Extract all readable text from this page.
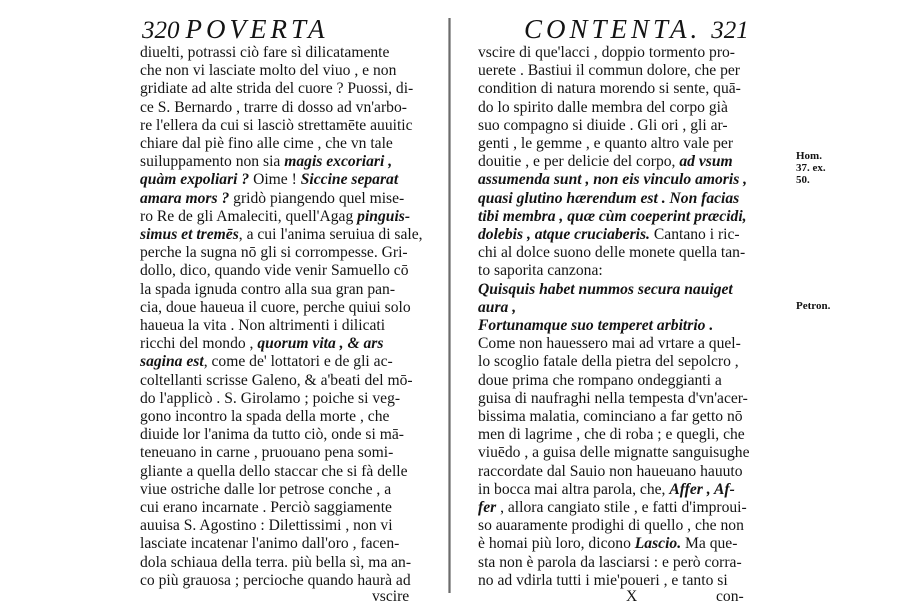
320 POVERTA
diuelti, potrassi ciò fare sì dilicatamente
che non vi lasciate molto del viuo , e non
gridiate ad alte strida del cuore ? Puossi, di-
ce S. Bernardo , trarre di dosso ad vn'arbo-
re l'ellera da cui si lasciò strettamēte auuitic
chiare dal piè fino alle cime , che vn tale
suiluppamento non sia magis excoriari ,
quàm expoliari ? Oime ! Siccine separat
amara mors ? gridò piangendo quel mise-
ro Re de gli Amaleciti, quell'Agag pinguis-
simus et tremēs, a cui l'anima seruiua di sale,
perche la sugna nō gli si corrompesse. Gri-
dollo, dico, quando vide venir Samuello cō
la spada ignuda contro alla sua gran pan-
cia, doue haueua il cuore, perche quiui solo
haueua la vita . Non altrimenti i dilicati
ricchi del mondo , quorum vita , & ars
sagina est, come de' lottatori e de gli ac-
coltellanti scrisse Galeno, & a'beati del mō-
do l'applicò . S. Girolamo ; poiche si veg-
gono incontro la spada della morte , che
diuide lor l'anima da tutto ciò, onde si mā-
teneuano in carne , pruouano pena somi-
gliante a quella dello staccar che si fà delle
viue ostriche dalle lor petrose conche , a
cui erano incarnate . Perciò saggiamente
auuisa S. Agostino : Dilettissimi , non vi
lasciate incatenar l'animo dall'oro , facen-
dola schiaua della terra. più bella sì, ma an-
co più grauosa ; percioche quando haurà ad
vscire
CONTENTA. 321
vscire di que'lacci , doppio tormento pro-
uerete . Bastiui il commun dolore, che per
condition di natura morendo si sente, quā-
do lo spirito dalle membra del corpo già
suo compagno si diuide . Gli ori , gli ar-
genti , le gemme , e quanto altro vale per
douitie , e per delicie del corpo, ad vsum
assumenda sunt , non eis vinculo amoris ,
quasi glutino hærendum est . Non facias
tibi membra , quæ cùm coeperint præcidi,
dolebis , atque cruciaberis. Cantano i ric-
chi al dolce suono delle monete quella tan-
to saporita canzona:
Quisquis habet nummos secura nauiget
aura ,
Fortunamque suo temperet arbitrio .
Come non hauessero mai ad vrtare a quel-
lo scoglio fatale della pietra del sepolcro ,
doue prima che rompano ondeggianti a
guisa di naufraghi nella tempesta d'vn'acer-
bissima malatia, cominciano a far getto nō
men di lagrime , che di roba ; e quegli, che
viuēdo , a guisa delle mignatte sanguisughe
raccordate dal Sauio non haueuano hauuto
in bocca mai altra parola, che, Affer , Af-
fer , allora cangiato stile , e fatti d'improui-
so auaramente prodighi di quello , che non
è homai più loro, dicono Lascio. Ma que-
sta non è parola da lasciarsi : e però corra-
no ad vdirla tutti i mie'poueri , e tanto si
X	con-
Hom.
37. ex.
50.
Petron.
